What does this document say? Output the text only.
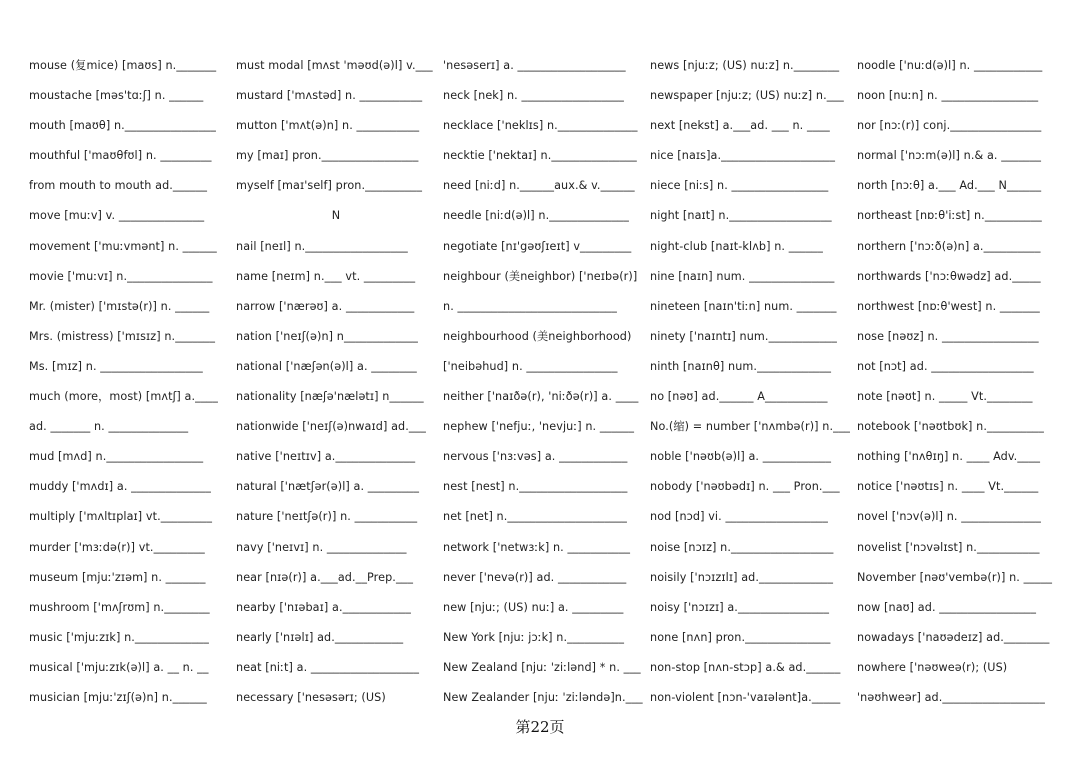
mouse (复mice) [maʊs] n._______
moustache [məs'tɑːʃ] n. ______
mouth [maʊθ] n.________________
mouthful ['maʊθfʊl] n. _________
from mouth to mouth ad.______
move [muːv] v. _______________
movement ['muːvmənt] n. ______
movie ['muːvɪ] n._______________
Mr. (mister) ['mɪstə(r)] n. ______
Mrs. (mistress) ['mɪsɪz] n._______
Ms. [mɪz] n. __________________
much (more，most) [mʌtʃ] a.____
ad. _______ n. ______________
mud [mʌd] n._________________
muddy ['mʌdɪ] a. ______________
multiply ['mʌltɪplaɪ] vt._________
murder ['mɜːdə(r)] vt._________
museum [mjuː'zɪəm] n. _______
mushroom ['mʌʃrʊm] n.________
music ['mjuːzɪk] n._____________
musical ['mjuːzɪk(ə)l] a. __ n. __
musician [mjuː'zɪʃ(ə)n] n.______
must modal [mʌst 'məʊd(ə)l] v.___
mustard ['mʌstəd] n. ___________
mutton ['mʌt(ə)n] n. ___________
my [maɪ] pron._________________
myself [maɪ'self] pron.__________
N
nail [neɪl] n.__________________
name [neɪm] n.___ vt. _________
narrow ['nærəʊ] a. ____________
nation ['neɪʃ(ə)n] n_____________
national ['næʃən(ə)l] a. ________
nationality [næʃə'nælətɪ] n______
nationwide ['neɪʃ(ə)nwaɪd] ad.___
native ['neɪtɪv] a.______________
natural ['nætʃər(ə)l] a. _________
nature ['neɪtʃə(r)] n. ___________
navy ['neɪvɪ] n. ______________
near [nɪə(r)] a.___ad.__Prep.___
nearby ['nɪəbaɪ] a.____________
nearly ['nɪəlɪ] ad.____________
neat [niːt] a. ___________________
necessary ['nesəsərɪ; (US)
'nesəserɪ] a. ___________________
neck [nek] n. __________________
necklace ['neklɪs] n.______________
necktie ['nektaɪ] n._______________
need [niːd] n.______aux.& v.______
needle [niːd(ə)l] n.______________
negotiate [nɪ'gəʊʃɪeɪt] v_________
neighbour (美neighbor) ['neɪbə(r)]
n. ____________________________
neighbourhood (美neighborhood)
['neibəhud] n. ________________
neither ['naɪðə(r), 'niːðə(r)] a. ____
nephew ['nefjuː, 'nevjuː] n. ______
nervous ['nɜːvəs] a. ____________
nest [nest] n.___________________
net [net] n._____________________
network ['netwɜːk] n. ___________
never ['nevə(r)] ad. ____________
new [njuː; (US) nuː] a. _________
New York [njuː jɔːk] n.__________
New Zealand [njuː 'ziːlənd] * n. ___
New Zealander [njuː 'ziːləndə]n.___
news [njuːz; (US) nuːz] n.________
newspaper [njuːz; (US) nuːz] n.___
next [nekst] a.___ad. ___ n. ____
nice [naɪs]a.____________________
niece [niːs] n. _________________
night [naɪt] n.__________________
night-club [naɪt-klʌb] n. ______
nine [naɪn] num. _______________
nineteen [naɪn'tiːn] num. _______
ninety ['naɪntɪ] num.____________
ninth [naɪnθ] num._____________
no [nəʊ] ad.______ A___________
No.(缩) = number ['nʌmbə(r)] n.___
noble ['nəʊb(ə)l] a. ____________
nobody ['nəʊbədɪ] n. ___ Pron.___
nod [nɔd] vi. __________________
noise [nɔɪz] n.__________________
noisily ['nɔɪzɪlɪ] ad._____________
noisy ['nɔɪzɪ] a.________________
none [nʌn] pron._______________
non-stop [nʌn-stɔp] a.& ad.______
non-violent [nɔn-'vaɪələnt]a._____
noodle ['nuːd(ə)l] n. ____________
noon [nuːn] n. _________________
nor [nɔː(r)] conj.________________
normal ['nɔːm(ə)l] n.& a. _______
north [nɔːθ] a.___ Ad.___ N______
northeast [nɒːθ'iːst] n.__________
northern ['nɔːð(ə)n] a.__________
northwards ['nɔːθwədz] ad._____
northwest [nɒːθ'west] n. _______
nose [nəʊz] n. _________________
not [nɔt] ad. __________________
note [nəʊt] n. _____ Vt.________
notebook ['nəʊtbʊk] n.__________
nothing ['nʌθɪŋ] n. ____ Adv.____
notice ['nəʊtɪs] n. ____ Vt.______
novel ['nɔv(ə)l] n. ______________
novelist ['nɔvəlɪst] n.___________
November [nəʊ'vembə(r)] n. _____
now [naʊ] ad. _________________
nowadays ['naʊədeɪz] ad.________
nowhere ['nəʊweə(r); (US)
'nəʊhweər] ad.__________________
第22页
